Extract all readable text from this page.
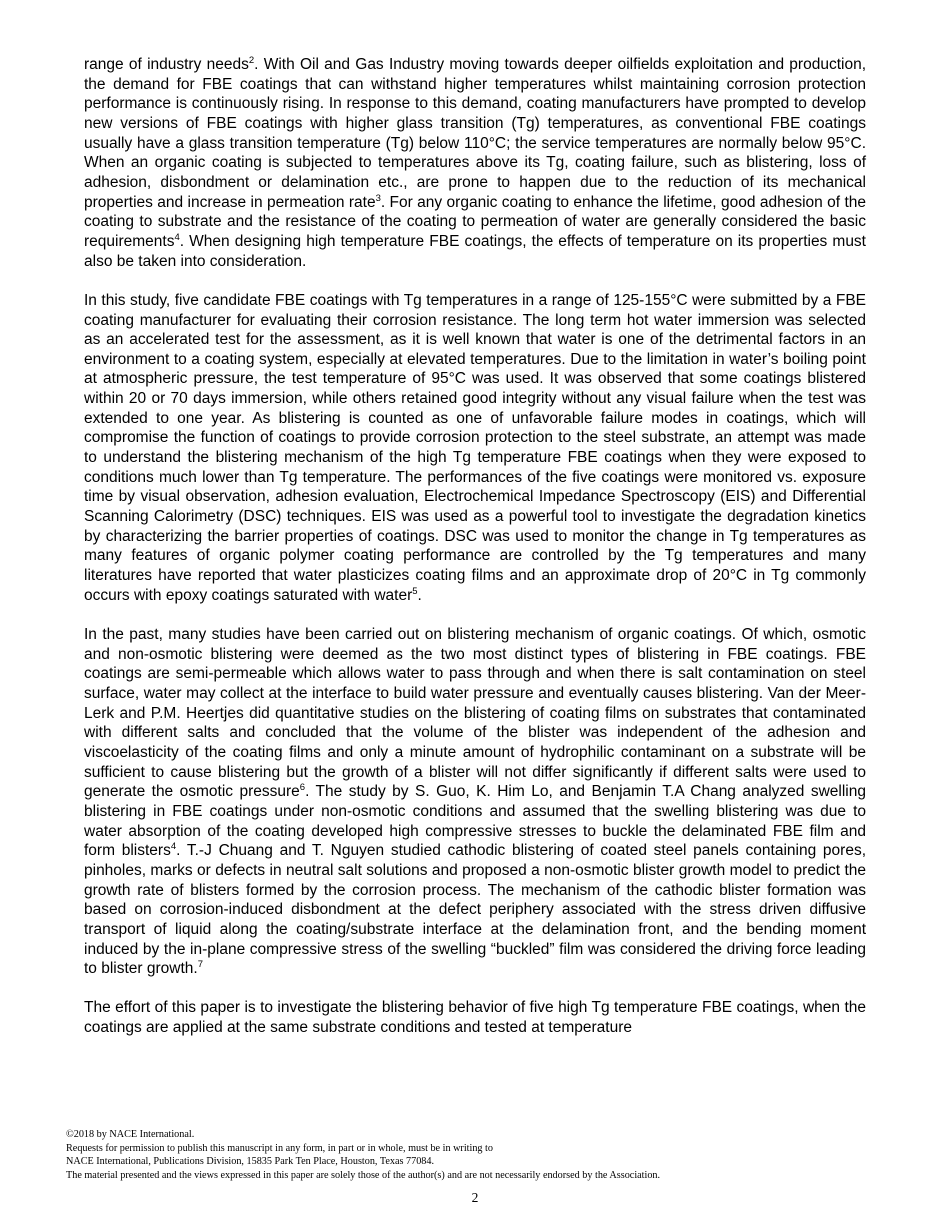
range of industry needs$^2$. With Oil and Gas Industry moving towards deeper oilfields exploitation and production, the demand for FBE coatings that can withstand higher temperatures whilst maintaining corrosion protection performance is continuously rising. In response to this demand, coating manufacturers have prompted to develop new versions of FBE coatings with higher glass transition (Tg) temperatures, as conventional FBE coatings usually have a glass transition temperature (Tg) below 110°C; the service temperatures are normally below 95°C. When an organic coating is subjected to temperatures above its Tg, coating failure, such as blistering, loss of adhesion, disbondment or delamination etc., are prone to happen due to the reduction of its mechanical properties and increase in permeation rate$^3$. For any organic coating to enhance the lifetime, good adhesion of the coating to substrate and the resistance of the coating to permeation of water are generally considered the basic requirements$^4$. When designing high temperature FBE coatings, the effects of temperature on its properties must also be taken into consideration.

In this study, five candidate FBE coatings with Tg temperatures in a range of 125-155°C were submitted by a FBE coating manufacturer for evaluating their corrosion resistance. The long term hot water immersion was selected as an accelerated test for the assessment, as it is well known that water is one of the detrimental factors in an environment to a coating system, especially at elevated temperatures. Due to the limitation in water’s boiling point at atmospheric pressure, the test temperature of 95°C was used. It was observed that some coatings blistered within 20 or 70 days immersion, while others retained good integrity without any visual failure when the test was extended to one year. As blistering is counted as one of unfavorable failure modes in coatings, which will compromise the function of coatings to provide corrosion protection to the steel substrate, an attempt was made to understand the blistering mechanism of the high Tg temperature FBE coatings when they were exposed to conditions much lower than Tg temperature. The performances of the five coatings were monitored vs. exposure time by visual observation, adhesion evaluation, Electrochemical Impedance Spectroscopy (EIS) and Differential Scanning Calorimetry (DSC) techniques. EIS was used as a powerful tool to investigate the degradation kinetics by characterizing the barrier properties of coatings. DSC was used to monitor the change in Tg temperatures as many features of organic polymer coating performance are controlled by the Tg temperatures and many literatures have reported that water plasticizes coating films and an approximate drop of 20°C in Tg commonly occurs with epoxy coatings saturated with water$^5$.

In the past, many studies have been carried out on blistering mechanism of organic coatings. Of which, osmotic and non-osmotic blistering were deemed as the two most distinct types of blistering in FBE coatings. FBE coatings are semi-permeable which allows water to pass through and when there is salt contamination on steel surface, water may collect at the interface to build water pressure and eventually causes blistering. Van der Meer-Lerk and P.M. Heertjes did quantitative studies on the blistering of coating films on substrates that contaminated with different salts and concluded that the volume of the blister was independent of the adhesion and viscoelasticity of the coating films and only a minute amount of hydrophilic contaminant on a substrate will be sufficient to cause blistering but the growth of a blister will not differ significantly if different salts were used to generate the osmotic pressure$^6$. The study by S. Guo, K. Him Lo, and Benjamin T.A Chang analyzed swelling blistering in FBE coatings under non-osmotic conditions and assumed that the swelling blistering was due to water absorption of the coating developed high compressive stresses to buckle the delaminated FBE film and form blisters$^4$. T.-J Chuang and T. Nguyen studied cathodic blistering of coated steel panels containing pores, pinholes, marks or defects in neutral salt solutions and proposed a non-osmotic blister growth model to predict the growth rate of blisters formed by the corrosion process. The mechanism of the cathodic blister formation was based on corrosion-induced disbondment at the defect periphery associated with the stress driven diffusive transport of liquid along the coating/substrate interface at the delamination front, and the bending moment induced by the in-plane compressive stress of the swelling “buckled” film was considered the driving force leading to blister growth.$^7$

The effort of this paper is to investigate the blistering behavior of five high Tg temperature FBE coatings, when the coatings are applied at the same substrate conditions and tested at temperature

©2018 by NACE International.
Requests for permission to publish this manuscript in any form, in part or in whole, must be in writing to
NACE International, Publications Division, 15835 Park Ten Place, Houston, Texas 77084.
The material presented and the views expressed in this paper are solely those of the author(s) and are not necessarily endorsed by the Association.
2
